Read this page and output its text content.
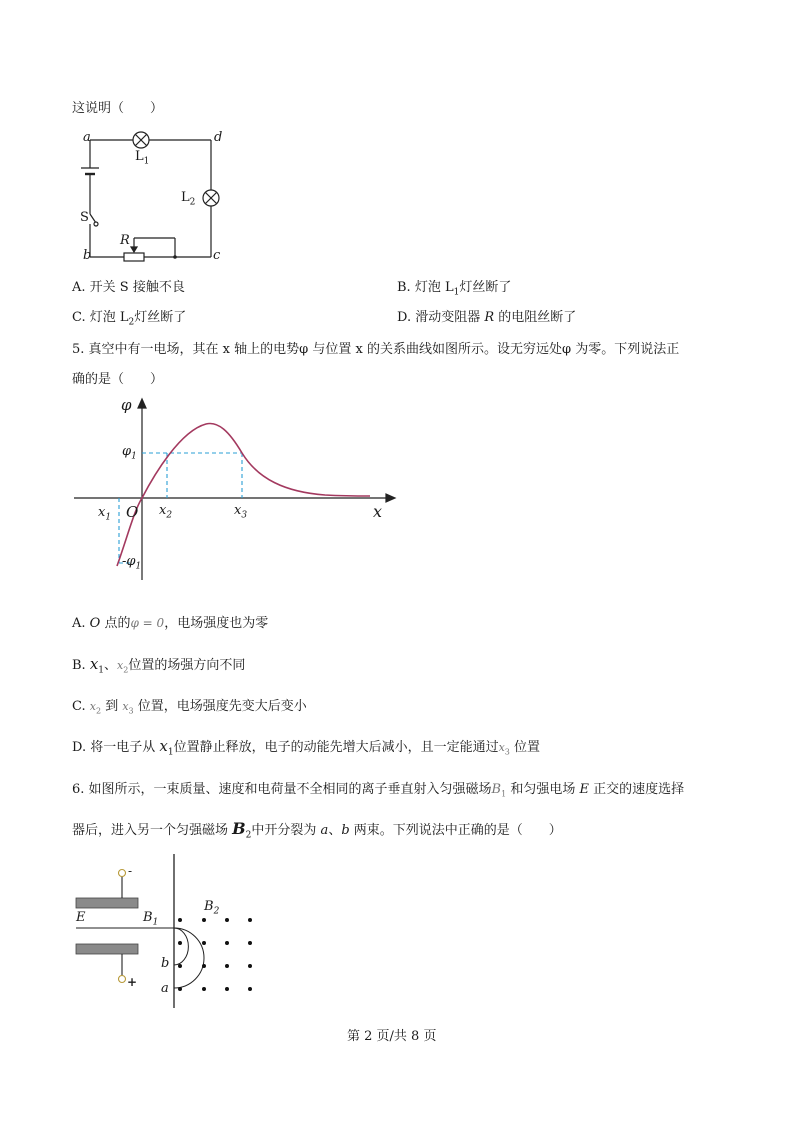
这说明（　　）
a	d
b	c
$L_1$
$L_2$
S
R
A. 开关 S 接触不良	B. 灯泡 $L_1$灯丝断了
C. 灯泡 $L_2$灯丝断了	D. 滑动变阻器 R 的电阻丝断了
5. 真空中有一电场，其在 x 轴上的电势φ 与位置 x 的关系曲线如图所示。设无穷远处φ 为零。下列说法正
确的是（　　）
φ
$\varphi_1$
$-\varphi_1$
x
O
$x_1$	$x_2$	$x_3$
A. O 点的φ = 0，电场强度也为零
B. $x_1$、$x_2$位置的场强方向不同
C. $x_2$ 到 $x_3$ 位置，电场强度先变大后变小
D. 将一电子从 $x_1$位置静止释放，电子的动能先增大后减小，且一定能通过$x_3$ 位置
6. 如图所示，一束质量、速度和电荷量不全相同的离子垂直射入匀强磁场$B_1$ 和匀强电场 E 正交的速度选择
器后，进入另一个匀强磁场 $B_2$中开分裂为 a、b 两束。下列说法中正确的是（　　）
-
+
E	$B_1$
$B_2$
b
a
第 2 页/共 8 页
